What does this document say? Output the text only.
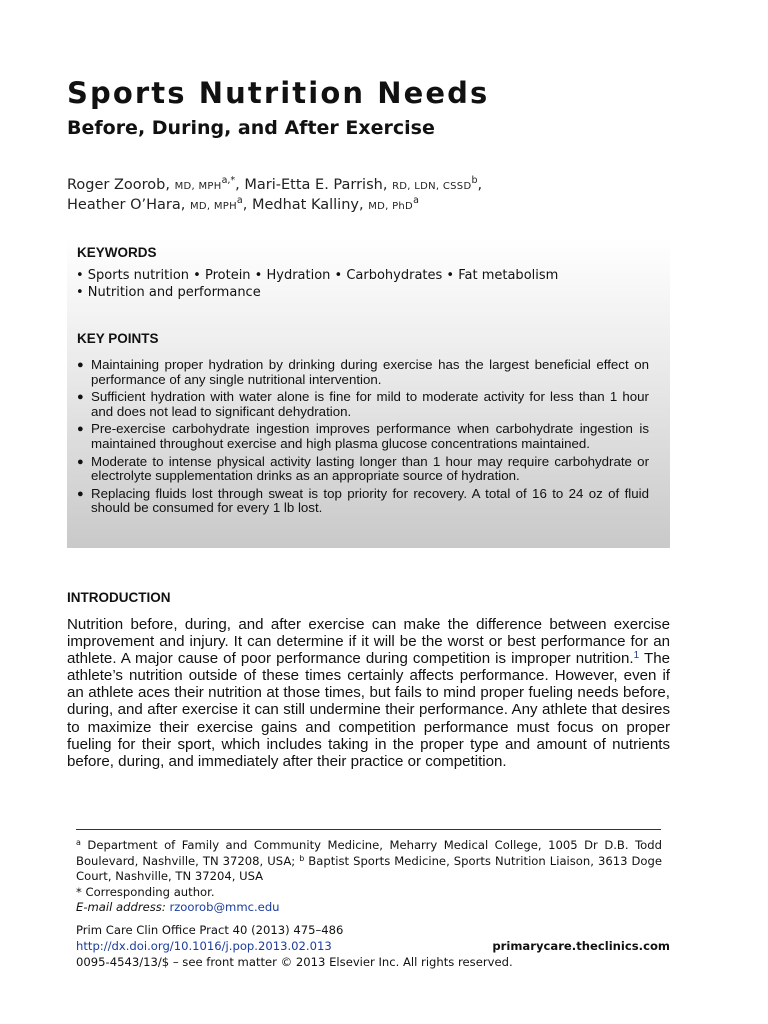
Sports Nutrition Needs
Before, During, and After Exercise
Roger Zoorob, MD, $MPH^{a,*}$, Mari-Etta E. Parrish, RD, LDN, CSSD$^b$,
Heather O’Hara, MD, MPH$^a$, Medhat Kalliny, MD, PhD$^a$
KEYWORDS
• Sports nutrition • Protein • Hydration • Carbohydrates • Fat metabolism
• Nutrition and performance
KEY POINTS
● Maintaining proper hydration by drinking during exercise has the largest beneficial effect on performance of any single nutritional intervention.
● Sufficient hydration with water alone is fine for mild to moderate activity for less than 1 hour and does not lead to significant dehydration.
● Pre-exercise carbohydrate ingestion improves performance when carbohydrate ingestion is maintained throughout exercise and high plasma glucose concentrations maintained.
● Moderate to intense physical activity lasting longer than 1 hour may require carbohydrate or electrolyte supplementation drinks as an appropriate source of hydration.
● Replacing fluids lost through sweat is top priority for recovery. A total of 16 to 24 oz of fluid should be consumed for every 1 lb lost.
INTRODUCTION

Nutrition before, during, and after exercise can make the difference between exercise improvement and injury. It can determine if it will be the worst or best performance for an athlete. A major cause of poor performance during competition is improper nutrition.$^1$ The athlete’s nutrition outside of these times certainly affects performance. However, even if an athlete aces their nutrition at those times, but fails to mind proper fueling needs before, during, and after exercise it can still undermine their performance. Any athlete that desires to maximize their exercise gains and competition performance must focus on proper fueling for their sport, which includes taking in the proper type and amount of nutrients before, during, and immediately after their practice or competition.

$^a$ Department of Family and Community Medicine, Meharry Medical College, 1005 Dr D.B. Todd Boulevard, Nashville, TN 37208, USA; $^b$ Baptist Sports Medicine, Sports Nutrition Liaison, 3613 Doge Court, Nashville, TN 37204, USA
* Corresponding author.
E-mail address: rzoorob@mmc.edu
Prim Care Clin Office Pract 40 (2013) 475–486
http://dx.doi.org/10.1016/j.pop.2013.02.013
0095-4543/13/$ – see front matter © 2013 Elsevier Inc. All rights reserved.
primarycare.theclinics.com
